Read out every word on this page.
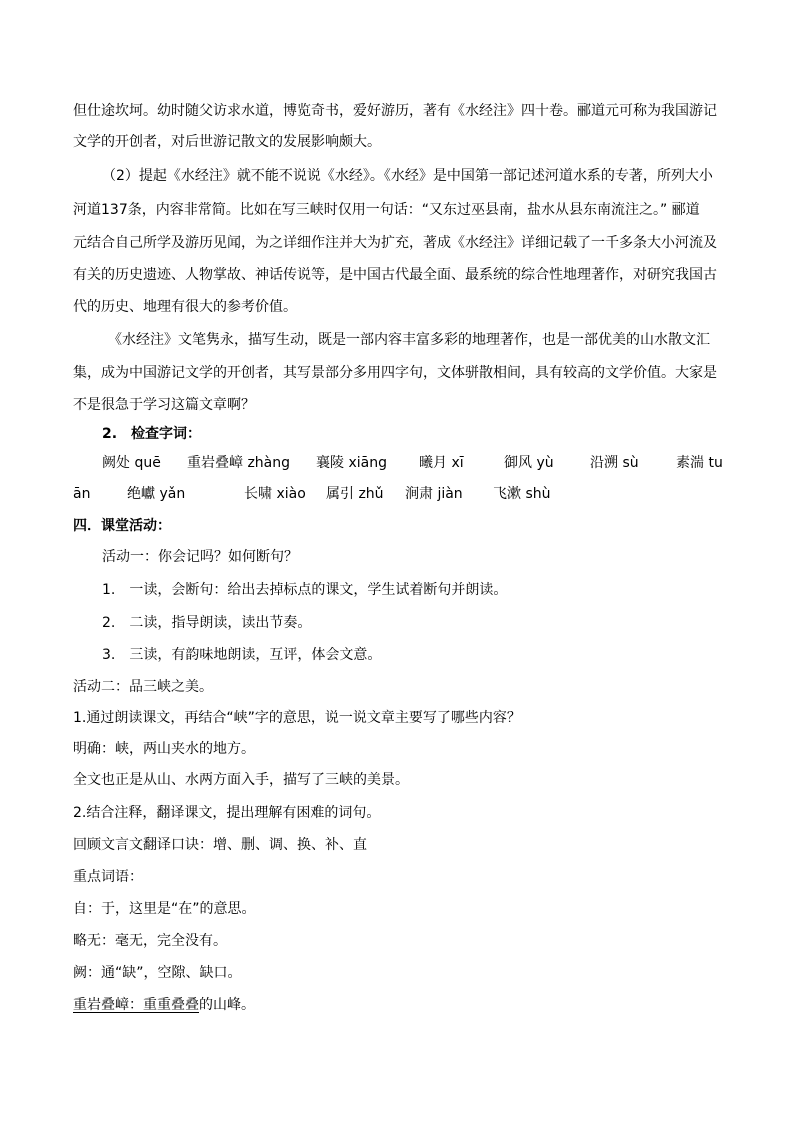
但仕途坎坷。幼时随父访求水道，博览奇书，爱好游历，著有《水经注》四十卷。郦道元可称为我国游记
文学的开创者，对后世游记散文的发展影响颇大。
（2）提起《水经注》就不能不说说《水经》。《水经》是中国第一部记述河道水系的专著，所列大小
河道137条，内容非常简。比如在写三峡时仅用一句话：“又东过巫县南，盐水从县东南流注之。” 郦道
元结合自己所学及游历见闻，为之详细作注并大为扩充，著成《水经注》详细记载了一千多条大小河流及
有关的历史遗迹、人物掌故、神话传说等，是中国古代最全面、最系统的综合性地理著作，对研究我国古
代的历史、地理有很大的参考价值。
《水经注》文笔隽永，描写生动，既是一部内容丰富多彩的地理著作，也是一部优美的山水散文汇
集，成为中国游记文学的开创者，其写景部分多用四字句，文体骈散相间，具有较高的文学价值。大家是
不是很急于学习这篇文章啊？
2.　检查字词：
阙处 quē 重岩叠嶂 zhàng 襄陵 xiāng 曦月 xī	御风 yù	沿溯 sù	素湍 tu
ān	绝巘 yǎn	长啸 xiào 属引 zhǔ 涧肃 jiàn 飞漱 shù
四．课堂活动：
活动一：你会记吗？如何断句？
1.　一读，会断句：给出去掉标点的课文，学生试着断句并朗读。
2.　二读，指导朗读，读出节奏。
3.　三读，有韵味地朗读，互评，体会文意。
活动二：品三峡之美。
1.通过朗读课文，再结合“峡”字的意思，说一说文章主要写了哪些内容？
明确：峡，两山夹水的地方。
全文也正是从山、水两方面入手，描写了三峡的美景。
2.结合注释，翻译课文，提出理解有困难的词句。
回顾文言文翻译口诀：增、删、调、换、补、直
重点词语：
自：于，这里是“在”的意思。
略无：毫无，完全没有。
阙：通“缺”，空隙、缺口。
重岩叠嶂：重重叠叠的山峰。
